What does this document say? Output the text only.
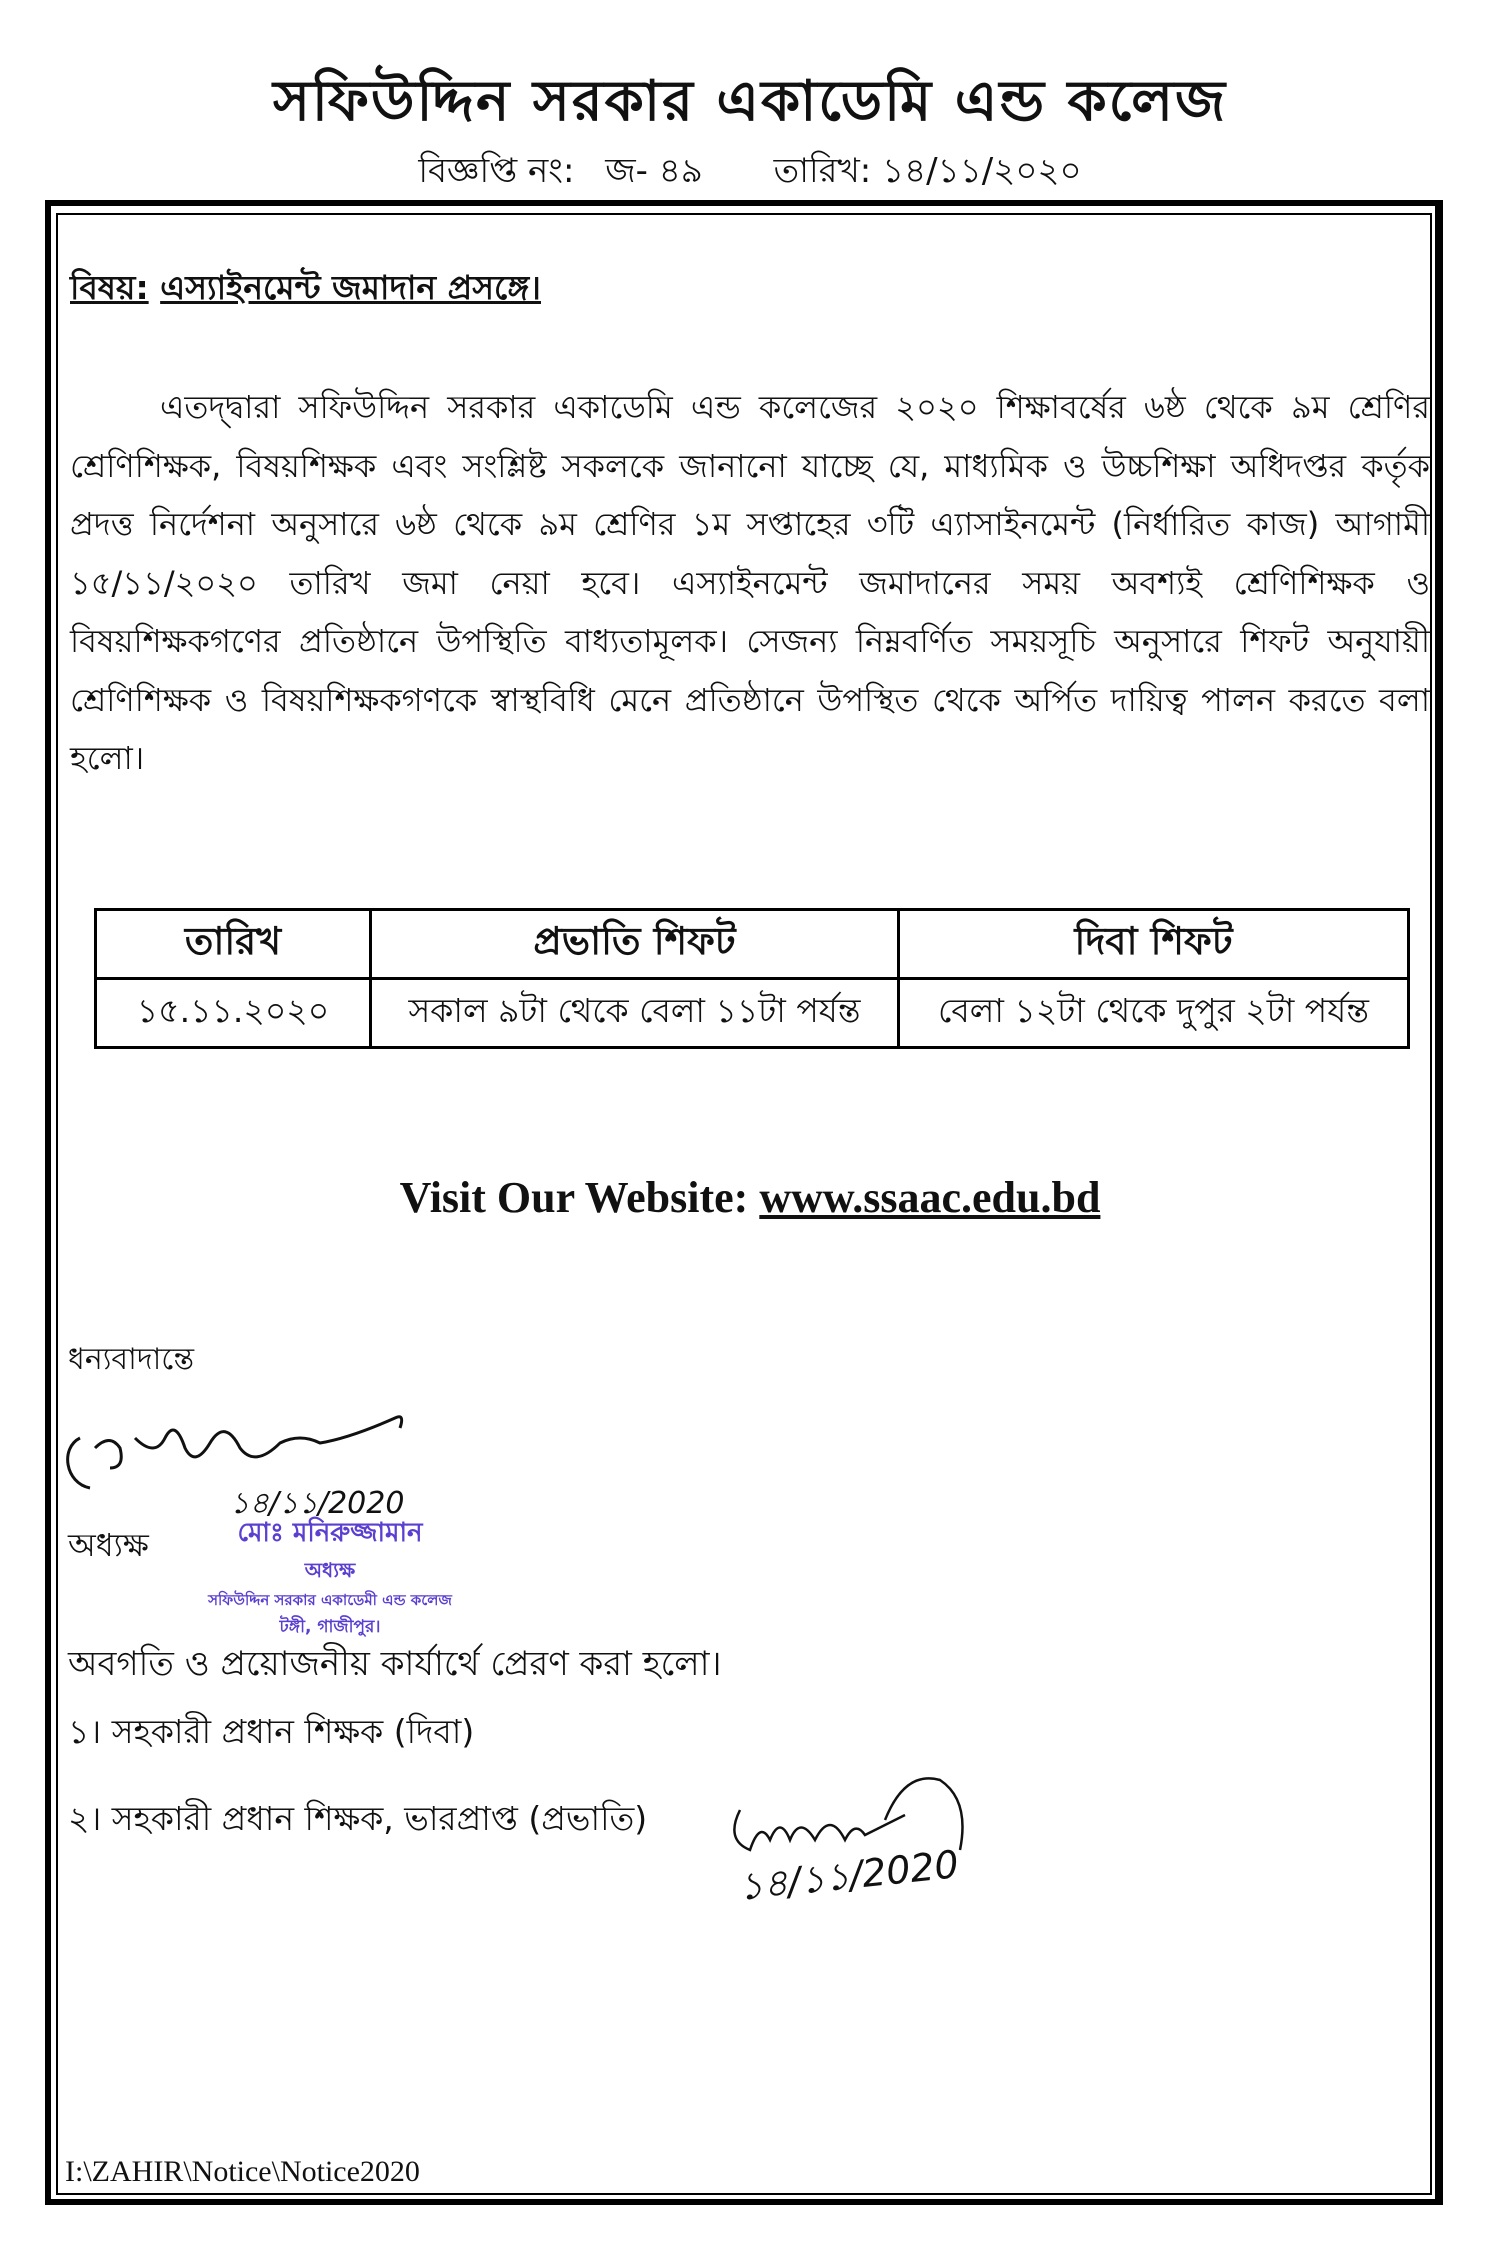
সফিউদ্দিন সরকার একাডেমি এন্ড কলেজ
বিজ্ঞপ্তি নং: জ- ৪৯ তারিখ: ১৪/১১/২০২০
বিষয়: এস্যাইনমেন্ট জমাদান প্রসঙ্গে।
এতদ্দ্বারা সফিউদ্দিন সরকার একাডেমি এন্ড কলেজের ২০২০ শিক্ষাবর্ষের ৬ষ্ঠ থেকে ৯ম শ্রেণির শ্রেণিশিক্ষক, বিষয়শিক্ষক এবং সংশ্লিষ্ট সকলকে জানানো যাচ্ছে যে, মাধ্যমিক ও উচ্চশিক্ষা অধিদপ্তর কর্তৃক প্রদত্ত নির্দেশনা অনুসারে ৬ষ্ঠ থেকে ৯ম শ্রেণির ১ম সপ্তাহের ৩টি এ্যাসাইনমেন্ট (নির্ধারিত কাজ) আগামী ১৫/১১/২০২০ তারিখ জমা নেয়া হবে। এস্যাইনমেন্ট জমাদানের সময় অবশ্যই শ্রেণিশিক্ষক ও বিষয়শিক্ষকগণের প্রতিষ্ঠানে উপস্থিতি বাধ্যতামূলক। সেজন্য নিম্নবর্ণিত সময়সূচি অনুসারে শিফট অনুযায়ী শ্রেণিশিক্ষক ও বিষয়শিক্ষকগণকে স্বাস্থবিধি মেনে প্রতিষ্ঠানে উপস্থিত থেকে অর্পিত দায়িত্ব পালন করতে বলা হলো।
তারিখ	প্রভাতি শিফট	দিবা শিফট
১৫.১১.২০২০	সকাল ৯টা থেকে বেলা ১১টা পর্যন্ত	বেলা ১২টা থেকে দুপুর ২টা পর্যন্ত
Visit Our Website: www.ssaac.edu.bd
ধন্যবাদান্তে
১৪/১১/2020
অধ্যক্ষ	মোঃ মনিরুজ্জামান
অধ্যক্ষ
সফিউদ্দিন সরকার একাডেমী এন্ড কলেজ
টঙ্গী, গাজীপুর।
অবগতি ও প্রয়োজনীয় কার্যার্থে প্রেরণ করা হলো।
১। সহকারী প্রধান শিক্ষক (দিবা)
২। সহকারী প্রধান শিক্ষক, ভারপ্রাপ্ত (প্রভাতি)
১৪/১১/2020
I:\ZAHIR\Notice\Notice2020
